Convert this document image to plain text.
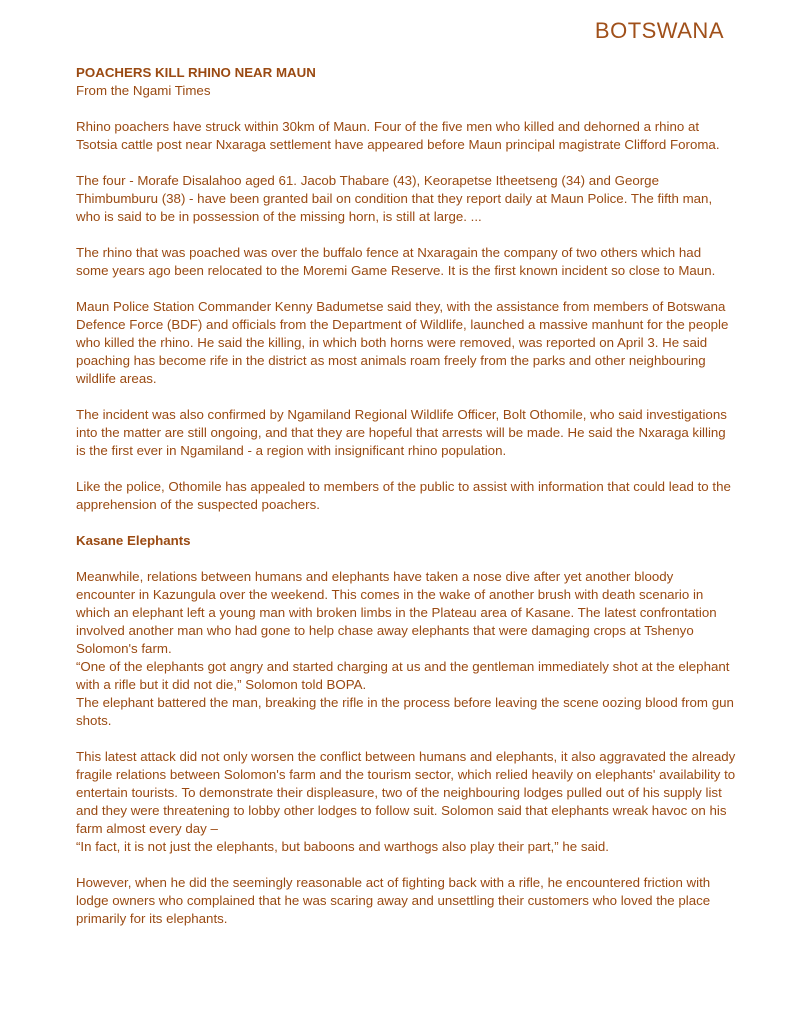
BOTSWANA

POACHERS KILL RHINO NEAR MAUN

From the Ngami Times

Rhino poachers have struck within 30km of Maun. Four of the five men who killed and dehorned a rhino at Tsotsia cattle post near Nxaraga settlement have appeared before Maun principal magistrate Clifford Foroma.

The four - Morafe Disalahoo aged 61. Jacob Thabare (43), Keorapetse Itheetseng (34) and George Thimbumburu (38) - have been granted bail on condition that they report daily at Maun Police. The fifth man, who is said to be in possession of the missing horn, is still at large. ...

The rhino that was poached was over the buffalo fence at Nxaragain the company of two others which had some years ago been relocated to the Moremi Game Reserve. It is the first known incident so close to Maun.

Maun Police Station Commander Kenny Badumetse said they, with the assistance from members of Botswana Defence Force (BDF) and officials from the Department of Wildlife, launched a massive manhunt for the people who killed the rhino. He said the killing, in which both horns were removed, was reported on April 3. He said poaching has become rife in the district as most animals roam freely from the parks and other neighbouring wildlife areas.

The incident was also confirmed by Ngamiland Regional Wildlife Officer, Bolt Othomile, who said investigations into the matter are still ongoing, and that they are hopeful that arrests will be made. He said the Nxaraga killing is the first ever in Ngamiland - a region with insignificant rhino population.

Like the police, Othomile has appealed to members of the public to assist with information that could lead to the apprehension of the suspected poachers.

Kasane Elephants

Meanwhile, relations between humans and elephants have taken a nose dive after yet another bloody encounter in Kazungula over the weekend. This comes in the wake of another brush with death scenario in which an elephant left a young man with broken limbs in the Plateau area of Kasane. The latest confrontation involved another man who had gone to help chase away elephants that were damaging crops at Tshenyo Solomon's farm.

“One of the elephants got angry and started charging at us and the gentleman immediately shot at the elephant with a rifle but it did not die,” Solomon told BOPA.

The elephant battered the man, breaking the rifle in the process before leaving the scene oozing blood from gun shots.

This latest attack did not only worsen the conflict between humans and elephants, it also aggravated the already fragile relations between Solomon's farm and the tourism sector, which relied heavily on elephants' availability to entertain tourists. To demonstrate their displeasure, two of the neighbouring lodges pulled out of his supply list and they were threatening to lobby other lodges to follow suit. Solomon said that elephants wreak havoc on his farm almost every day –

“In fact, it is not just the elephants, but baboons and warthogs also play their part,” he said.

However, when he did the seemingly reasonable act of fighting back with a rifle, he encountered friction with lodge owners who complained that he was scaring away and unsettling their customers who loved the place primarily for its elephants.
